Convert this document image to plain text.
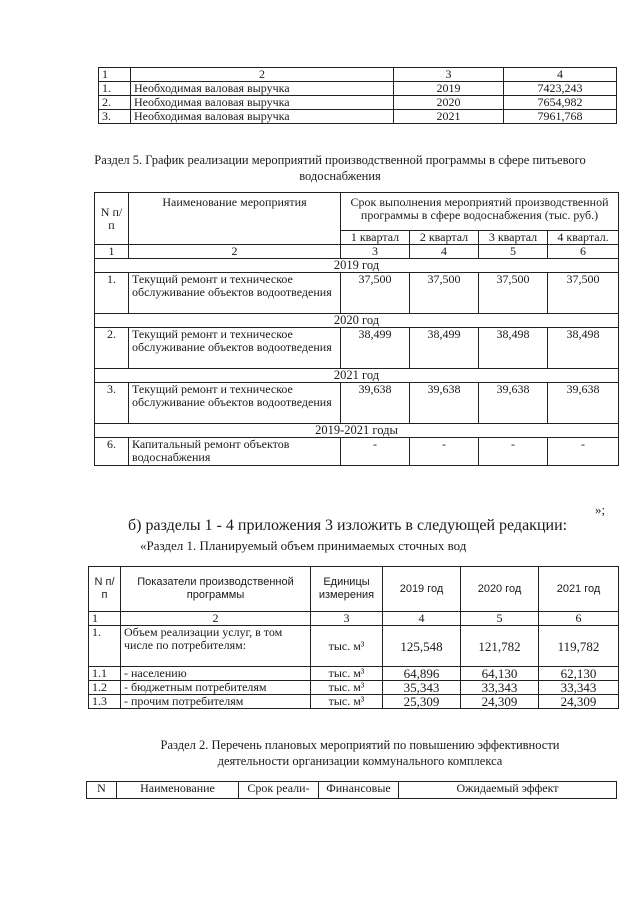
1	2	3	4
1.	Необходимая валовая выручка	2019	7423,243
2.	Необходимая валовая выручка	2020	7654,982
3.	Необходимая валовая выручка	2021	7961,768
Раздел 5. График реализации мероприятий производственной программы в сфере питьевого
водоснабжения
N п/п	Наименование мероприятия	Срок выполнения мероприятий производственной программы в сфере водоснабжения (тыс. руб.)			
		1 квартал	2 квартал	3 квартал	4 квартал.
1	2	3	4	5	6
2019 год					
1.	Текущий ремонт и техническое обслуживание объектов водоотведения	37,500	37,500	37,500	37,500
2020 год					
2.	Текущий ремонт и техническое обслуживание объектов водоотведения	38,499	38,499	38,498	38,498
2021 год					
3.	Текущий ремонт и техническое обслуживание объектов водоотведения	39,638	39,638	39,638	39,638
2019-2021 годы					
6.	Капитальный ремонт объектов водоснабжения	-	-	-	-
»;
б) разделы 1 - 4 приложения 3 изложить в следующей редакции:
«Раздел 1. Планируемый объем принимаемых сточных вод
N п/п	Показатели производственной программы	Единицы измерения	2019 год	2020 год	2021 год
1	2	3	4	5	6
1.	Объем реализации услуг, в том числе по потребителям:	тыс. м³	125,548	121,782	119,782
1.1	- населению	тыс. м³	64,896	64,130	62,130
1.2	- бюджетным потребителям	тыс. м³	35,343	33,343	33,343
1.3	- прочим потребителям	тыс. м³	25,309	24,309	24,309
Раздел 2. Перечень плановых мероприятий по повышению эффективности
деятельности организации коммунального комплекса
N	Наименование	Срок реали-	Финансовые	Ожидаемый эффект
